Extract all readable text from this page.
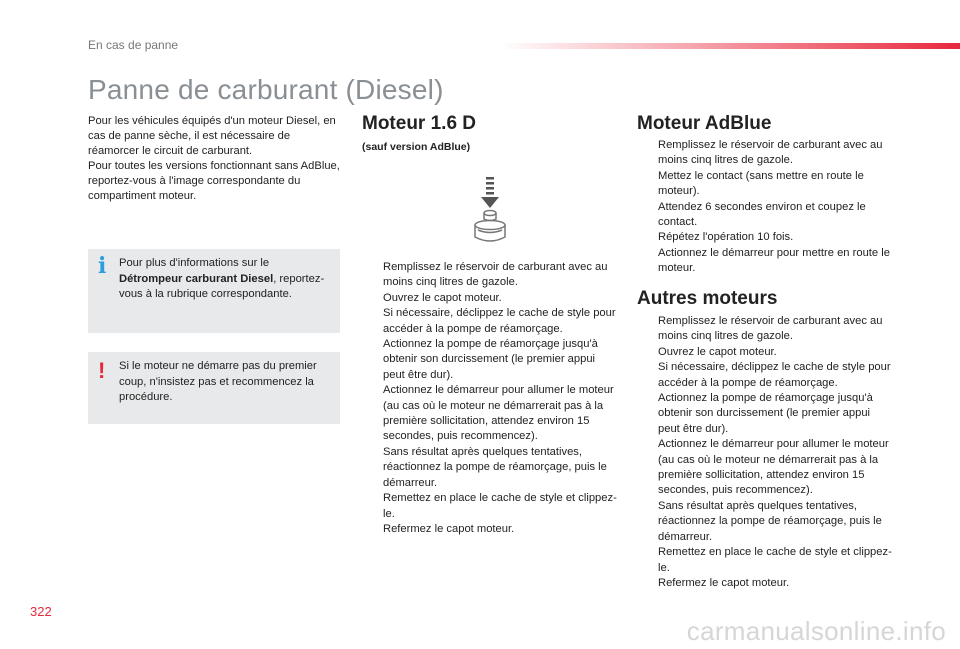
En cas de panne
Panne de carburant (Diesel)

Pour les véhicules équipés d'un moteur Diesel, en cas de panne sèche, il est nécessaire de réamorcer le circuit de carburant.

Pour toutes les versions fonctionnant sans AdBlue, reportez-vous à l'image correspondante du compartiment moteur.

i Pour plus d'informations sur le Détrompeur carburant Diesel, reportez-vous à la rubrique correspondante.
! Si le moteur ne démarre pas du premier coup, n'insistez pas et recommencez la procédure.
Moteur 1.6 D
(sauf version AdBlue)
Remplissez le réservoir de carburant avec au moins cinq litres de gazole.
Ouvrez le capot moteur.
Si nécessaire, déclippez le cache de style pour accéder à la pompe de réamorçage.
Actionnez la pompe de réamorçage jusqu'à obtenir son durcissement (le premier appui peut être dur).
Actionnez le démarreur pour allumer le moteur (au cas où le moteur ne démarrerait pas à la première sollicitation, attendez environ 15 secondes, puis recommencez).
Sans résultat après quelques tentatives, réactionnez la pompe de réamorçage, puis le démarreur.
Remettez en place le cache de style et clippez-le.
Refermez le capot moteur.
Moteur AdBlue
Remplissez le réservoir de carburant avec au moins cinq litres de gazole.
Mettez le contact (sans mettre en route le moteur).
Attendez 6 secondes environ et coupez le contact.
Répétez l'opération 10 fois.
Actionnez le démarreur pour mettre en route le moteur.
Autres moteurs
Remplissez le réservoir de carburant avec au moins cinq litres de gazole.
Ouvrez le capot moteur.
Si nécessaire, déclippez le cache de style pour accéder à la pompe de réamorçage.
Actionnez la pompe de réamorçage jusqu'à obtenir son durcissement (le premier appui peut être dur).
Actionnez le démarreur pour allumer le moteur (au cas où le moteur ne démarrerait pas à la première sollicitation, attendez environ 15 secondes, puis recommencez).
Sans résultat après quelques tentatives, réactionnez la pompe de réamorçage, puis le démarreur.
Remettez en place le cache de style et clippez-le.
Refermez le capot moteur.
322
carmanualsonline.info
